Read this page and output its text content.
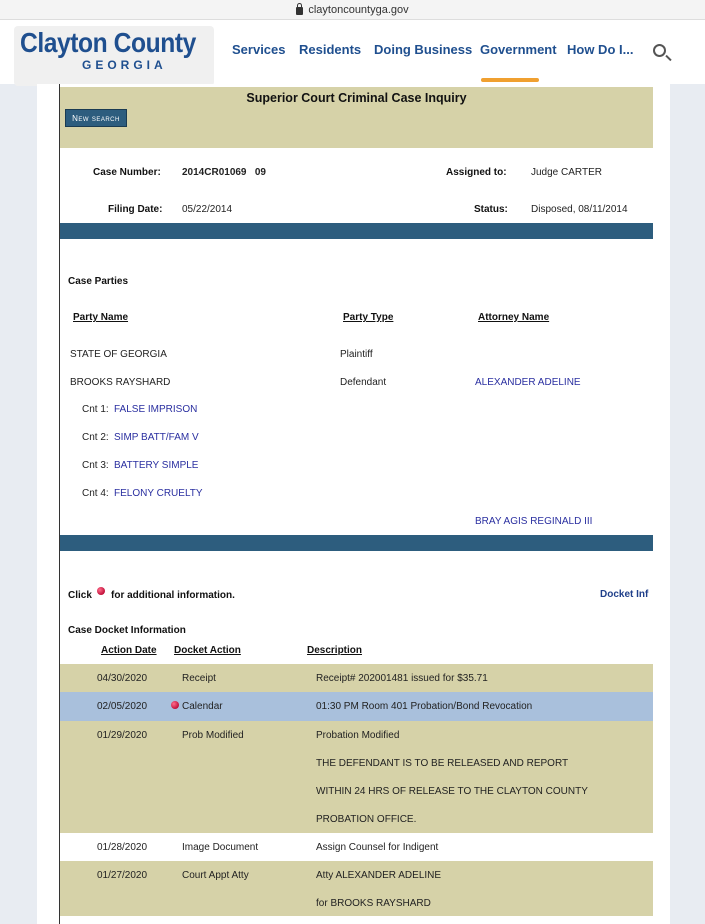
claytoncountyga.gov
Clayton County
GEORGIA
Services Residents Doing Business Government How Do I...
Superior Court Criminal Case Inquiry
New search
Case Number: 2014CR01069   09	Assigned to: Judge CARTER
Filing Date: 05/22/2014	Status: Disposed, 08/11/2014
Case Parties
Party Name	Party Type	Attorney Name
STATE OF GEORGIA	Plaintiff
BROOKS RAYSHARD	Defendant	ALEXANDER ADELINE
Cnt 1: FALSE IMPRISON
Cnt 2: SIMP BATT/FAM V
Cnt 3: BATTERY SIMPLE
Cnt 4: FELONY CRUELTY
BRAY AGIS REGINALD III
Click for additional information.	Docket Inf
Case Docket Information
Action Date Docket Action	Description
04/30/2020	Receipt	Receipt# 202001481 issued for $35.71
02/05/2020	Calendar	01:30 PM Room 401 Probation/Bond Revocation
01/29/2020	Prob Modified	Probation Modified
THE DEFENDANT IS TO BE RELEASED AND REPORT
WITHIN 24 HRS OF RELEASE TO THE CLAYTON COUNTY
PROBATION OFFICE.
01/28/2020	Image Document	Assign Counsel for Indigent
01/27/2020	Court Appt Atty	Atty ALEXANDER ADELINE
for BROOKS RAYSHARD
